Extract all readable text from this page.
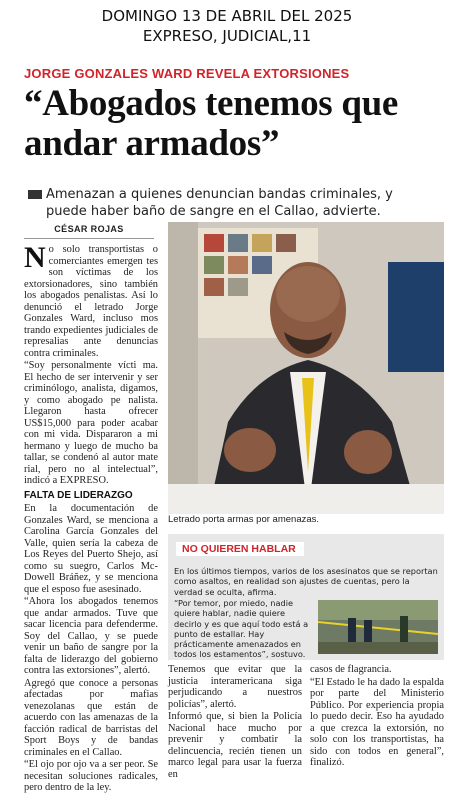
DOMINGO 13 DE ABRIL DEL 2025
EXPRESO, JUDICIAL,11
JORGE GONZALES WARD REVELA EXTORSIONES
“Abogados tenemos que andar armados”
Amenazan a quienes denuncian bandas criminales, y puede haber baño de sangre en el Callao, advierte.
CÉSAR ROJAS
N o solo transportistas o comerciantes emergen tes son víctimas de los extorsionadores, sino también los abogados penalistas. Así lo denunció el letrado Jorge Gonzales Ward, incluso mos trando expedientes judiciales de represalias ante denuncias contra criminales.

“Soy personalmente vícti ma. El hecho de ser intervenir y ser criminólogo, analista, digamos, y como abogado pe nalista. Llegaron hasta ofrecer US$15,000 para poder acabar con mi vida. Dispararon a mi hermano y luego de mucho ba tallar, se condenó al autor mate rial, pero no al intelectual”, indicó a EXPRESO.

FALTA DE LIDERAZGO

En la documentación de Gonzales Ward, se menciona a Carolina García Gonzales del Valle, quien sería la cabeza de Los Reyes del Puerto Shejo, así como su suegro, Carlos Mc-Dowell Bráñez, y se menciona que el esposo fue asesinado.

“Ahora los abogados tenemos que andar armados. Tuve que sacar licencia para defenderme. Soy del Callao, y se puede venir un baño de sangre por la falta de liderazgo del gobierno contra las extorsiones”, alertó.

Agregó que conoce a personas afectadas por mafias venezolanas que están de acuerdo con las amenazas de la facción radical de barristas del Sport Boys y de bandas criminales en el Callao.

“El ojo por ojo va a ser peor. Se necesitan soluciones radicales, pero dentro de la ley.

Letrado porta armas por amenazas.
NO QUIEREN HABLAR
En los últimos tiempos, varios de los asesinatos que se reportan como asaltos, en realidad son ajustes de cuentas, pero la verdad se oculta, afirma.
“Por temor, por miedo, nadie quiere hablar, nadie quiere decirlo y es que aquí todo está a punto de estallar. Hay prácticamente amenazados en todos los estamentos”, sostuvo.

Tenemos que evitar que la justicia interamericana siga perjudicando a nuestros policías”, alertó.

Informó que, si bien la Policía Nacional hace mucho por prevenir y combatir la delincuencia, recién tienen un marco legal para usar la fuerza en

casos de flagrancia.

“El Estado le ha dado la espalda por parte del Ministerio Público. Por experiencia propia lo puedo decir. Eso ha ayudado a que crezca la extorsión, no solo con los transportistas, ha sido con todos en general”, finalizó.
